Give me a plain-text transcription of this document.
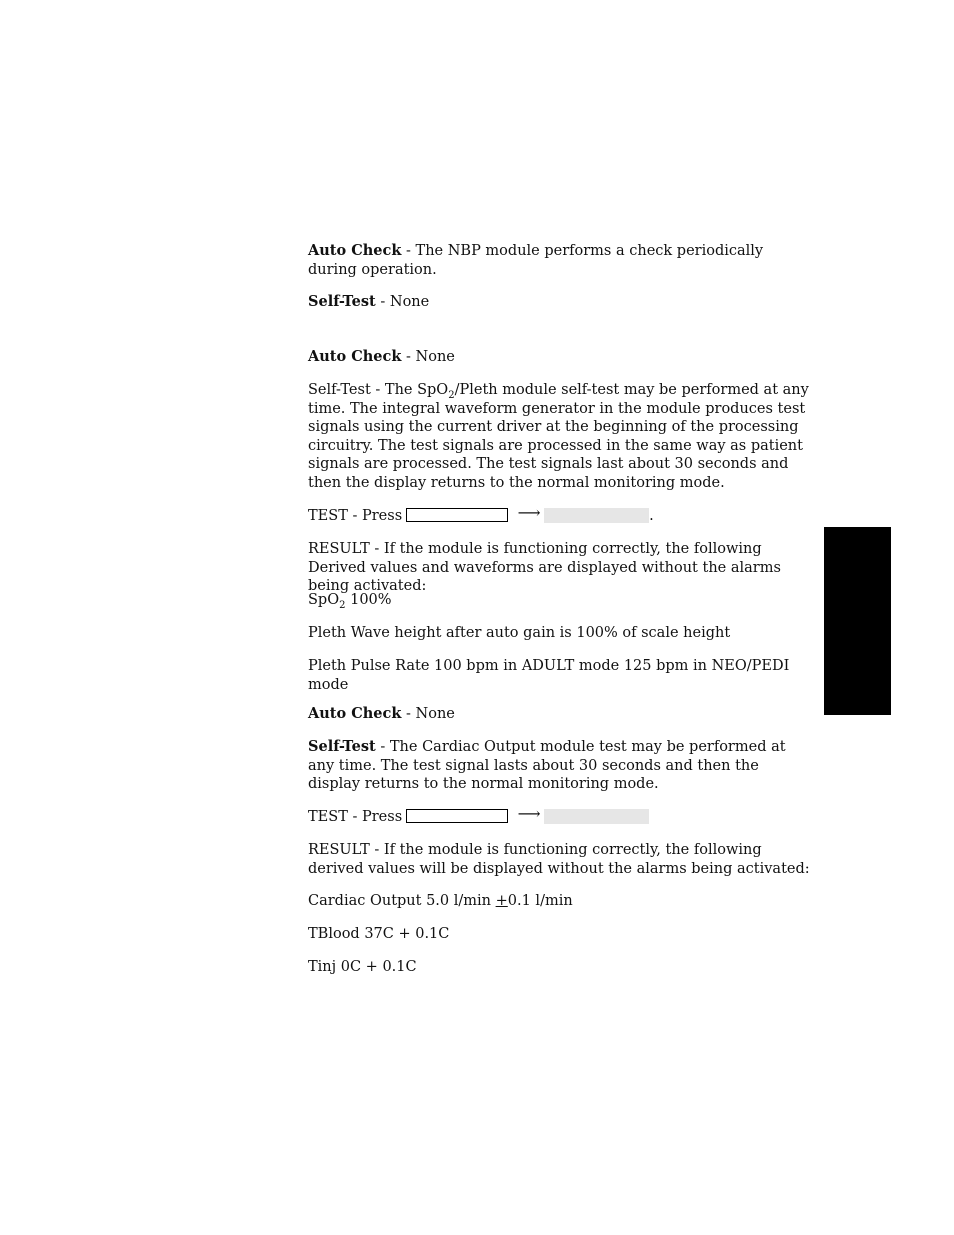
Auto Check - The NBP module performs a check periodically during operation.

Self-Test - None

Auto Check - None

Self-Test - The SpO$_2$/Pleth module self-test may be performed at any time. The integral waveform generator in the module produces test signals using the current driver at the beginning of the processing circuitry. The test signals are processed in the same way as patient signals are processed. The test signals last about 30 seconds and then the display returns to the normal monitoring mode.

TEST - Press	⟶	.

RESULT - If the module is functioning correctly, the following Derived values and waveforms are displayed without the alarms being activated:

SpO$_2$ 100%

Pleth Wave height after auto gain is 100% of scale height

Pleth Pulse Rate 100 bpm in ADULT mode 125 bpm in NEO/PEDI mode

Auto Check - None

Self-Test - The Cardiac Output module test may be performed at any time. The test signal lasts about 30 seconds and then the display returns to the normal monitoring mode.

TEST - Press	⟶

RESULT - If the module is functioning correctly, the following derived values will be displayed without the alarms being activated:

Cardiac Output 5.0 l/min +0.1 l/min

TBlood 37C + 0.1C

Tinj 0C + 0.1C
